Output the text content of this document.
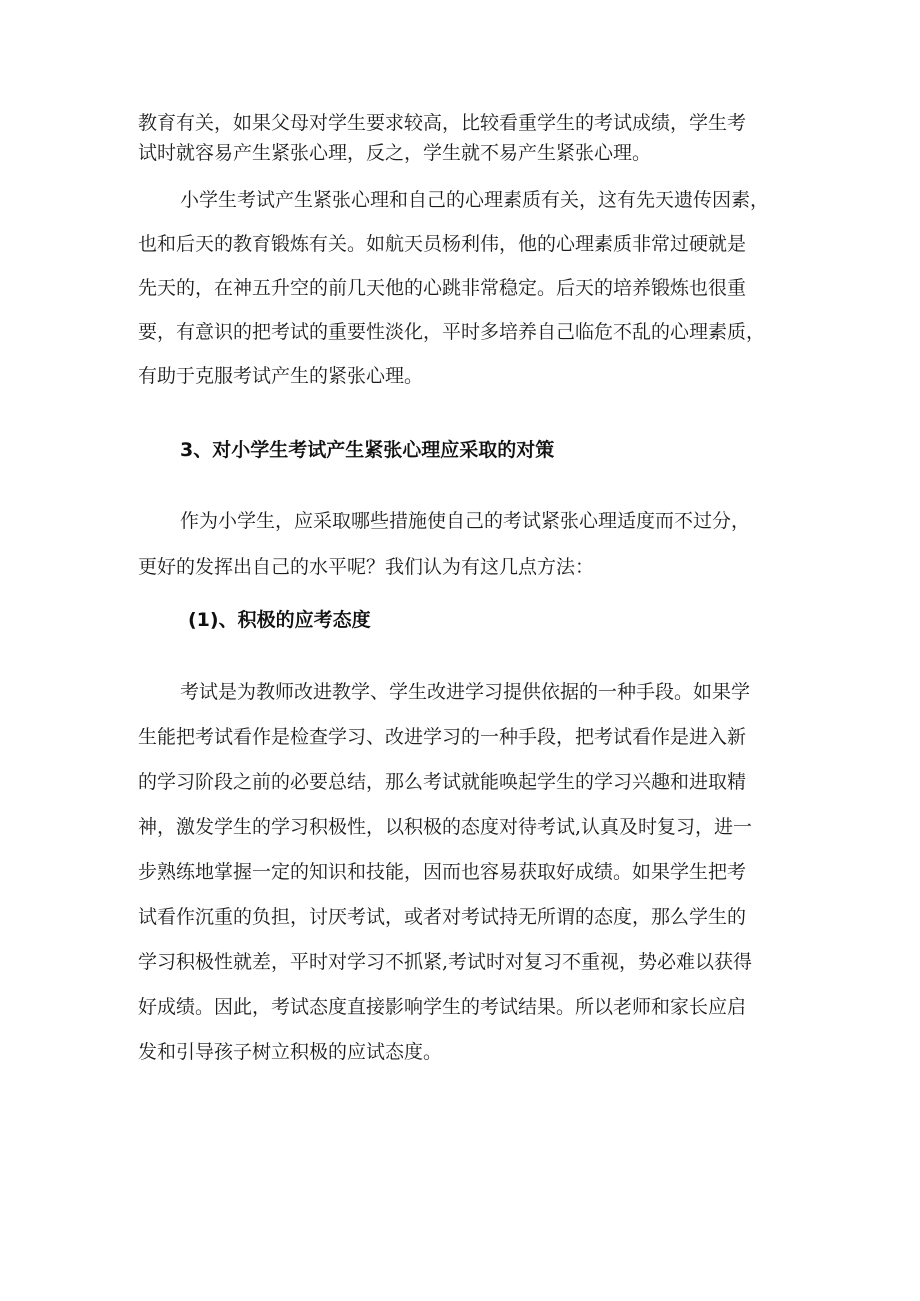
教育有关，如果父母对学生要求较高，比较看重学生的考试成绩，学生考
试时就容易产生紧张心理，反之，学生就不易产生紧张心理。
小学生考试产生紧张心理和自己的心理素质有关，这有先天遗传因素，
也和后天的教育锻炼有关。如航天员杨利伟，他的心理素质非常过硬就是
先天的，在神五升空的前几天他的心跳非常稳定。后天的培养锻炼也很重
要，有意识的把考试的重要性淡化，平时多培养自己临危不乱的心理素质，
有助于克服考试产生的紧张心理。
3、对小学生考试产生紧张心理应采取的对策
作为小学生，应采取哪些措施使自己的考试紧张心理适度而不过分，
更好的发挥出自己的水平呢？我们认为有这几点方法：
(1)、积极的应考态度
考试是为教师改进教学、学生改进学习提供依据的一种手段。如果学
生能把考试看作是检查学习、改进学习的一种手段，把考试看作是进入新
的学习阶段之前的必要总结，那么考试就能唤起学生的学习兴趣和进取精
神，激发学生的学习积极性，以积极的态度对待考试,认真及时复习，进一
步熟练地掌握一定的知识和技能，因而也容易获取好成绩。如果学生把考
试看作沉重的负担，讨厌考试，或者对考试持无所谓的态度，那么学生的
学习积极性就差，平时对学习不抓紧,考试时对复习不重视，势必难以获得
好成绩。因此，考试态度直接影响学生的考试结果。所以老师和家长应启
发和引导孩子树立积极的应试态度。
